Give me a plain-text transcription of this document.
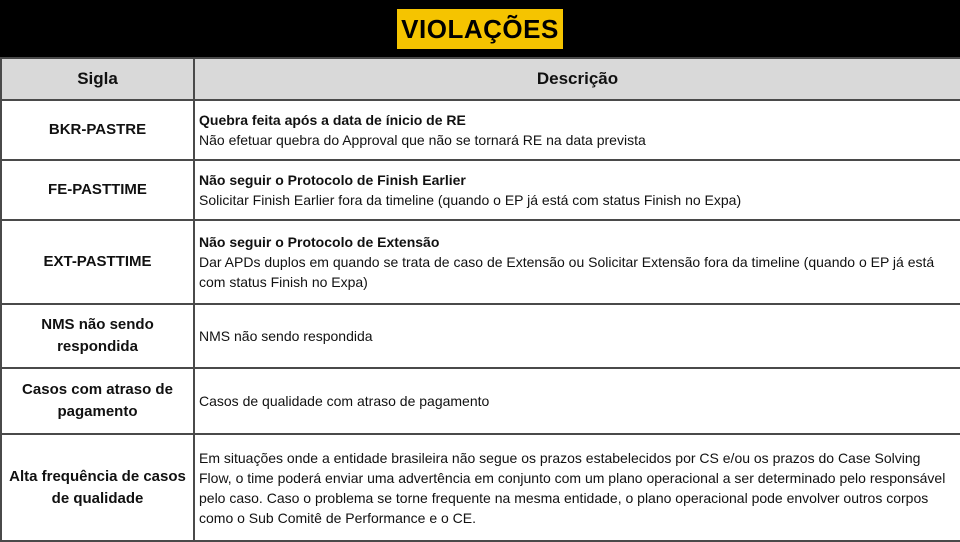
VIOLAÇÕES
Sigla	Descrição
BKR-PASTRE	Quebra feita após a data de ínicio de RE
Não efetuar quebra do Approval que não se tornará RE na data prevista

FE-PASTTIME	Não seguir o Protocolo de Finish Earlier
Solicitar Finish Earlier fora da timeline (quando o EP já está com status Finish no Expa)

EXT-PASTTIME	Não seguir o Protocolo de Extensão
Dar APDs duplos em quando se trata de caso de Extensão ou Solicitar Extensão fora da timeline (quando o EP já está com status Finish no Expa)

NMS não sendo respondida	NMS não sendo respondida

Casos com atraso de pagamento	Casos de qualidade com atraso de pagamento

Alta frequência de casos de qualidade	Em situações onde a entidade brasileira não segue os prazos estabelecidos por CS e/ou os prazos do Case Solving Flow, o time poderá enviar uma advertência em conjunto com um plano operacional a ser determinado pelo responsável pelo caso. Caso o problema se torne frequente na mesma entidade, o plano operacional pode envolver outros corpos como o Sub Comitê de Performance e o CE.
